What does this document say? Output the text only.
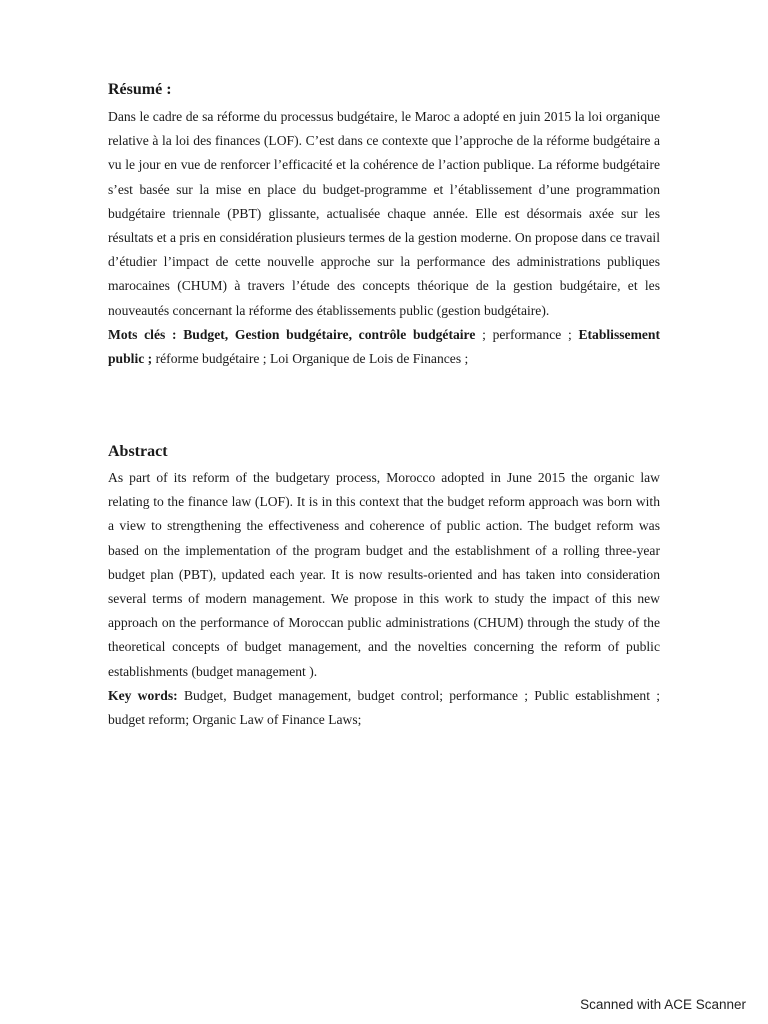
Résumé :
Dans le cadre de sa réforme du processus budgétaire, le Maroc a adopté en juin 2015 la loi organique relative à la loi des finances (LOF). C’est dans ce contexte que l’approche de la réforme budgétaire a vu le jour en vue de renforcer l’efficacité et la cohérence de l’action publique. La réforme budgétaire s’est basée sur la mise en place du budget-programme et l’établissement d’une programmation budgétaire triennale (PBT) glissante, actualisée chaque année. Elle est désormais axée sur les résultats et a pris en considération plusieurs termes de la gestion moderne. On propose dans ce travail d’étudier l’impact de cette nouvelle approche sur la performance des administrations publiques marocaines (CHUM) à travers l’étude des concepts théorique de la gestion budgétaire, et les nouveautés concernant la réforme des établissements public (gestion budgétaire).
Mots clés : Budget, Gestion budgétaire, contrôle budgétaire ; performance ; Etablissement public ; réforme budgétaire ; Loi Organique de Lois de Finances ;
Abstract
As part of its reform of the budgetary process, Morocco adopted in June 2015 the organic law relating to the finance law (LOF). It is in this context that the budget reform approach was born with a view to strengthening the effectiveness and coherence of public action. The budget reform was based on the implementation of the program budget and the establishment of a rolling three-year budget plan (PBT), updated each year. It is now results-oriented and has taken into consideration several terms of modern management. We propose in this work to study the impact of this new approach on the performance of Moroccan public administrations (CHUM) through the study of the theoretical concepts of budget management, and the novelties concerning the reform of public establishments (budget management ).
Key words: Budget, Budget management, budget control; performance ; Public establishment ; budget reform; Organic Law of Finance Laws;
Scanned with ACE Scanner
